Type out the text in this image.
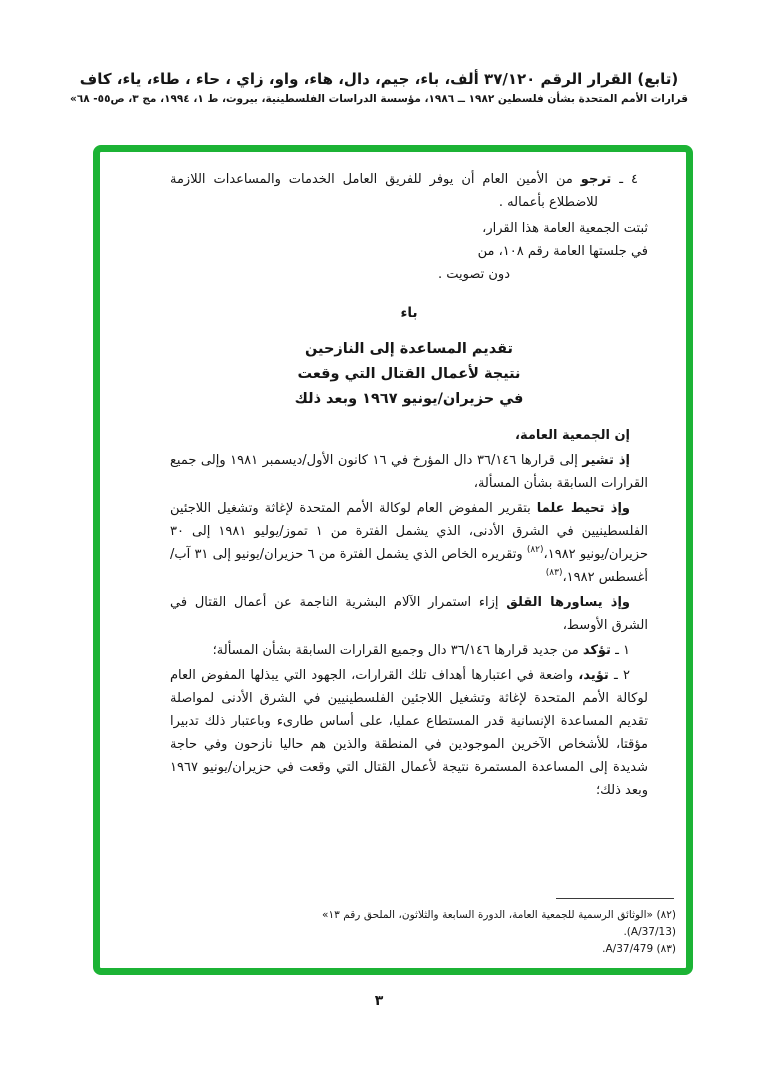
(تابع) القرار الرقم ٣٧/١٢٠ ألف، باء، جيم، دال، هاء، واو، زاي ، حاء ، طاء، ياء، كاف
قرارات الأمم المتحدة بشأن فلسطين ١٩٨٢ ــ ١٩٨٦، مؤسسة الدراسات الفلسطينية، بيروت، ط ١، ١٩٩٤، مج ٣، ص٥٥- ٦٨»

٤ ـ ترجو من الأمين العام أن يوفر للفريق العامل الخدمات والمساعدات اللازمة للاضطلاع بأعماله .

ثبتت الجمعية العامة هذا القرار،
في جلستها العامة رقم ١٠٨، من
دون تصويت .
باء
تقديم المساعدة إلى النازحين
نتيجة لأعمال القتال التي وقعت
في حزيران/يونيو ١٩٦٧ وبعد ذلك

إن الجمعية العامة،

إذ تشير إلى قرارها ٣٦/١٤٦ دال المؤرخ في ١٦ كانون الأول/ديسمبر ١٩٨١ وإلى جميع القرارات السابقة بشأن المسألة،

وإذ تحيط علما بتقرير المفوض العام لوكالة الأمم المتحدة لإغاثة وتشغيل اللاجئين الفلسطينيين في الشرق الأدنى، الذي يشمل الفترة من ١ تموز/يوليو ١٩٨١ إلى ٣٠ حزيران/يونيو ١٩٨٢،$^{(٨٢)}$ وتقريره الخاص الذي يشمل الفترة من ٦ حزيران/يونيو إلى ٣١ آب/أغسطس ١٩٨٢،$^{(٨٣)}$

وإذ يساورها القلق إزاء استمرار الآلام البشرية الناجمة عن أعمال القتال في الشرق الأوسط،

١ ـ تؤكد من جديد قرارها ٣٦/١٤٦ دال وجميع القرارات السابقة بشأن المسألة؛

٢ ـ تؤيد، واضعة في اعتبارها أهداف تلك القرارات، الجهود التي يبذلها المفوض العام لوكالة الأمم المتحدة لإغاثة وتشغيل اللاجئين الفلسطينيين في الشرق الأدنى لمواصلة تقديم المساعدة الإنسانية قدر المستطاع عمليا، على أساس طارىء وباعتبار ذلك تدبيرا مؤقتا، للأشخاص الآخرين الموجودين في المنطقة والذين هم حاليا نازحون وفي حاجة شديدة إلى المساعدة المستمرة نتيجة لأعمال القتال التي وقعت في حزيران/يونيو ١٩٦٧ وبعد ذلك؛

(٨٢) «الوثائق الرسمية للجمعية العامة، الدورة السابعة والثلاثون، الملحق رقم ١٣» (A/37/13).

(٨٣) A/37/479.

٣
